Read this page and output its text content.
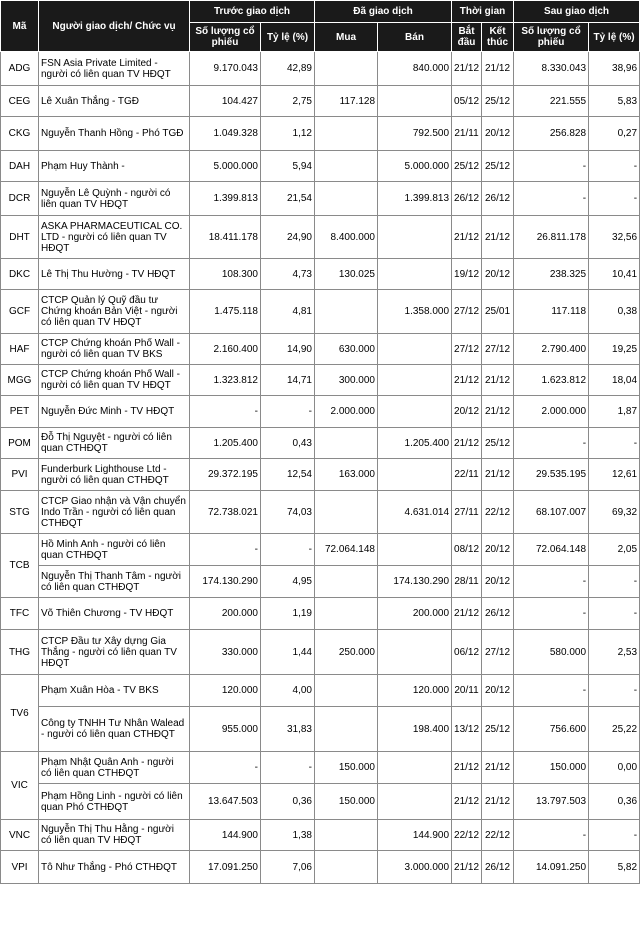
Mã	Người giao dịch/ Chức vụ	Trước giao dịch		Đã giao dịch		Thời gian		Sau giao dịch	
		Số lượng cổ phiếu	Tỷ lệ (%)	Mua	Bán	Bắt đầu	Kết thúc	Số lượng cổ phiếu	Tỷ lệ (%)
ADG	FSN Asia Private Limited - người có liên quan TV HĐQT	9.170.043	42,89		840.000	21/12	21/12	8.330.043	38,96
CEG	Lê Xuân Thắng - TGĐ	104.427	2,75	117.128		05/12	25/12	221.555	5,83
CKG	Nguyễn Thanh Hồng - Phó TGĐ	1.049.328	1,12		792.500	21/11	20/12	256.828	0,27
DAH	Phạm Huy Thành -	5.000.000	5,94		5.000.000	25/12	25/12	-	-
DCR	Nguyễn Lê Quỳnh - người có liên quan TV HĐQT	1.399.813	21,54		1.399.813	26/12	26/12	-	-
DHT	ASKA PHARMACEUTICAL CO. LTD - người có liên quan TV HĐQT	18.411.178	24,90	8.400.000		21/12	21/12	26.811.178	32,56
DKC	Lê Thị Thu Hường - TV HĐQT	108.300	4,73	130.025		19/12	20/12	238.325	10,41
GCF	CTCP Quản lý Quỹ đầu tư Chứng khoán Bản Việt - người có liên quan TV HĐQT	1.475.118	4,81		1.358.000	27/12	25/01	117.118	0,38
HAF	CTCP Chứng khoán Phố Wall - người có liên quan TV BKS	2.160.400	14,90	630.000		27/12	27/12	2.790.400	19,25
MGG	CTCP Chứng khoán Phố Wall - người có liên quan TV HĐQT	1.323.812	14,71	300.000		21/12	21/12	1.623.812	18,04
PET	Nguyễn Đức Minh - TV HĐQT	-	-	2.000.000		20/12	21/12	2.000.000	1,87
POM	Đỗ Thị Nguyệt - người có liên quan CTHĐQT	1.205.400	0,43		1.205.400	21/12	25/12	-	-
PVI	Funderburk Lighthouse Ltd - người có liên quan CTHĐQT	29.372.195	12,54	163.000		22/11	21/12	29.535.195	12,61
STG	CTCP Giao nhận và Vận chuyển Indo Trần - người có liên quan CTHĐQT	72.738.021	74,03		4.631.014	27/11	22/12	68.107.007	69,32
TCB	Hồ Minh Anh - người có liên quan CTHĐQT	-	-	72.064.148		08/12	20/12	72.064.148	2,05
	Nguyễn Thị Thanh Tâm - người có liên quan CTHĐQT	174.130.290	4,95		174.130.290	28/11	20/12	-	-
TFC	Võ Thiên Chương - TV HĐQT	200.000	1,19		200.000	21/12	26/12	-	-
THG	CTCP Đầu tư Xây dựng Gia Thắng - người có liên quan TV HĐQT	330.000	1,44	250.000		06/12	27/12	580.000	2,53
TV6	Phạm Xuân Hòa - TV BKS	120.000	4,00		120.000	20/11	20/12	-	-
	Công ty TNHH Tư Nhân Walead - người có liên quan CTHĐQT	955.000	31,83		198.400	13/12	25/12	756.600	25,22
VIC	Phạm Nhật Quân Anh - người có liên quan CTHĐQT	-	-	150.000		21/12	21/12	150.000	0,00
	Phạm Hồng Linh - người có liên quan Phó CTHĐQT	13.647.503	0,36	150.000		21/12	21/12	13.797.503	0,36
VNC	Nguyễn Thị Thu Hằng - người có liên quan TV HĐQT	144.900	1,38		144.900	22/12	22/12	-	-
VPI	Tô Như Thắng - Phó CTHĐQT	17.091.250	7,06		3.000.000	21/12	26/12	14.091.250	5,82
